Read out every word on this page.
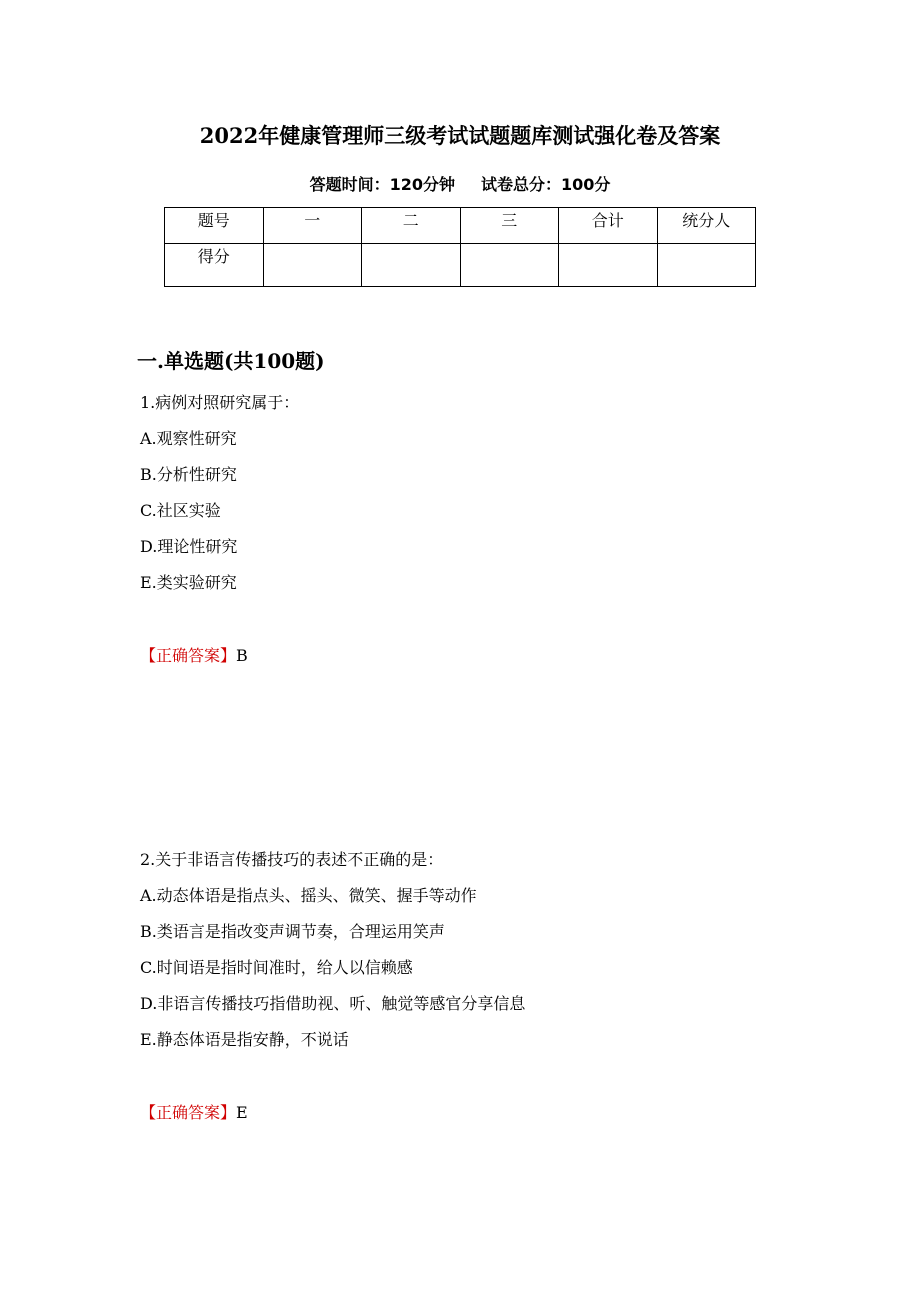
2022年健康管理师三级考试试题题库测试强化卷及答案
答题时间：120分钟 试卷总分：100分
题号	一	二	三	合计	统分人
得分					
一.单选题(共100题)
1.病例对照研究属于：
A.观察性研究
B.分析性研究
C.社区实验
D.理论性研究
E.类实验研究
【正确答案】B
2.关于非语言传播技巧的表述不正确的是：
A.动态体语是指点头、摇头、微笑、握手等动作
B.类语言是指改变声调节奏，合理运用笑声
C.时间语是指时间准时，给人以信赖感
D.非语言传播技巧指借助视、听、触觉等感官分享信息
E.静态体语是指安静，不说话
【正确答案】E
